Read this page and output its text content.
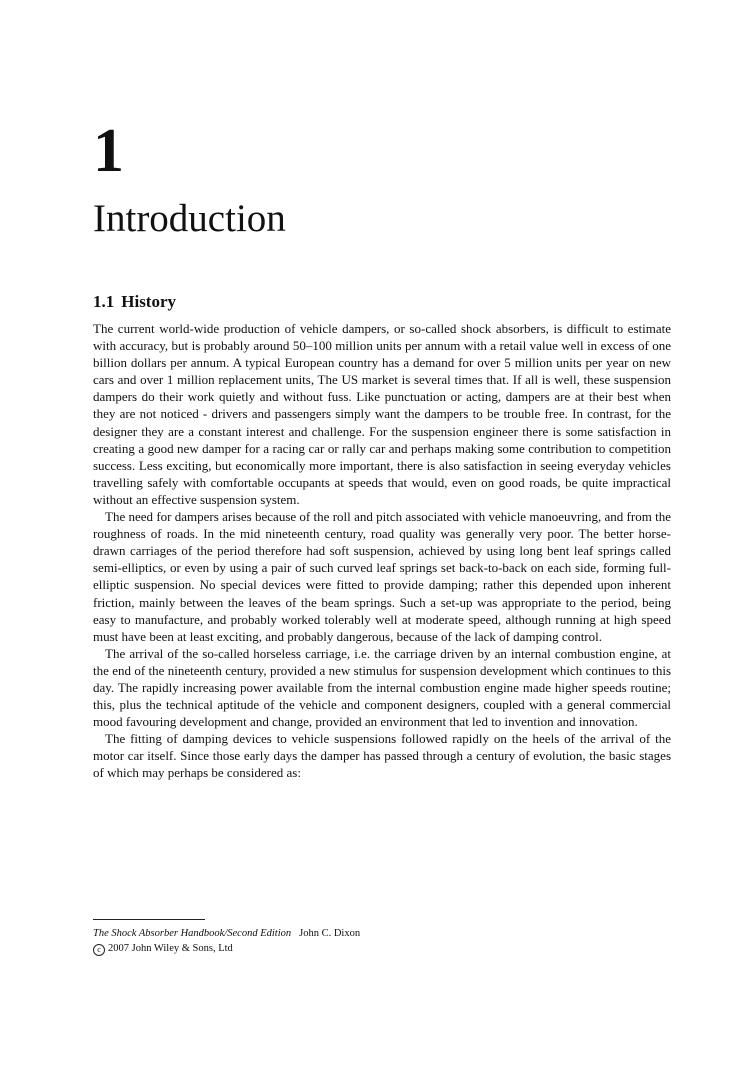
1
Introduction
1.1 History

The current world-wide production of vehicle dampers, or so-called shock absorbers, is difficult to estimate with accuracy, but is probably around 50–100 million units per annum with a retail value well in excess of one billion dollars per annum. A typical European country has a demand for over 5 million units per year on new cars and over 1 million replacement units, The US market is several times that. If all is well, these suspension dampers do their work quietly and without fuss. Like punctuation or acting, dampers are at their best when they are not noticed - drivers and passengers simply want the dampers to be trouble free. In contrast, for the designer they are a constant interest and challenge. For the suspension engineer there is some satisfaction in creating a good new damper for a racing car or rally car and perhaps making some contribution to competition success. Less exciting, but economically more important, there is also satisfaction in seeing everyday vehicles travelling safely with comfortable occupants at speeds that would, even on good roads, be quite impractical without an effective suspension system.

The need for dampers arises because of the roll and pitch associated with vehicle manoeuvring, and from the roughness of roads. In the mid nineteenth century, road quality was generally very poor. The better horse-drawn carriages of the period therefore had soft suspension, achieved by using long bent leaf springs called semi-elliptics, or even by using a pair of such curved leaf springs set back-to-back on each side, forming full-elliptic suspension. No special devices were fitted to provide damping; rather this depended upon inherent friction, mainly between the leaves of the beam springs. Such a set-up was appropriate to the period, being easy to manufacture, and probably worked tolerably well at moderate speed, although running at high speed must have been at least exciting, and probably dangerous, because of the lack of damping control.

The arrival of the so-called horseless carriage, i.e. the carriage driven by an internal combustion engine, at the end of the nineteenth century, provided a new stimulus for suspension development which continues to this day. The rapidly increasing power available from the internal combustion engine made higher speeds routine; this, plus the technical aptitude of the vehicle and component designers, coupled with a general commercial mood favouring development and change, provided an environment that led to invention and innovation.

The fitting of damping devices to vehicle suspensions followed rapidly on the heels of the arrival of the motor car itself. Since those early days the damper has passed through a century of evolution, the basic stages of which may perhaps be considered as:

The Shock Absorber Handbook/Second Edition John C. Dixon
c 2007 John Wiley & Sons, Ltd
